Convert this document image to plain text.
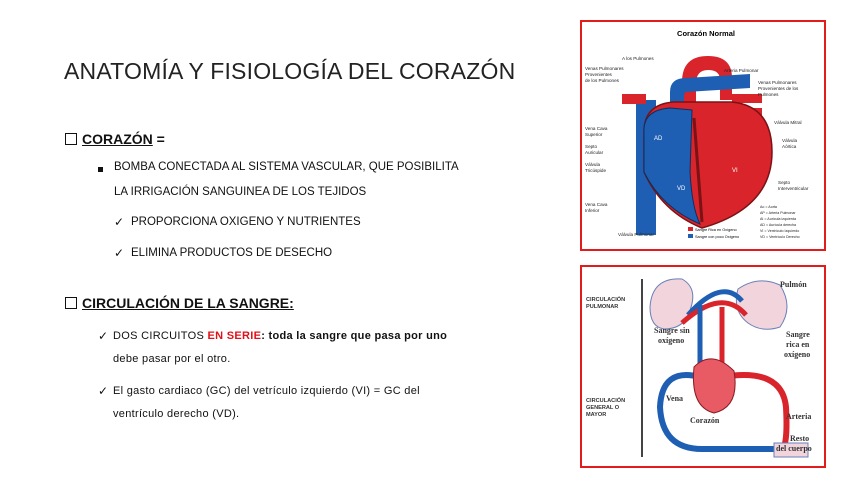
ANATOMÍA Y FISIOLOGÍA DEL CORAZÓN
CORAZÓN =
BOMBA CONECTADA AL SISTEMA VASCULAR, QUE POSIBILITA
LA IRRIGACIÓN SANGUINEA DE LOS TEJIDOS
✓ PROPORCIONA OXIGENO Y NUTRIENTES
✓ ELIMINA PRODUCTOS DE DESECHO
CIRCULACIÓN DE LA SANGRE:
✓ DOS CIRCUITOS EN SERIE: toda la sangre que pasa por uno
debe pasar por el otro.
✓ El gasto cardiaco (GC) del vetrículo izquierdo (VI) = GC del
ventrículo derecho (VD).
Corazón Normal
AD
AI
VI
VD
A los Pulmones
Venas Pulmonares
Provenientes
de los Pulmones
Arteria Pulmonar
Venas Pulmonares
Provenientes de los
Pulmones
Válvula Mitral
Válvula
Aórtica
Vena Cava
Superior
Septo
Auricular
Válvula
Tricúspide
Septo
Interventricular
Vena Cava
Inferior
Válvula Pulmonar
Sangre Rica en Oxígeno
Sangre con poco Oxígeno
Ao = Aorta
AP = Arteria Pulmonar
AI = Aurícula izquierda
AD = Aurícula derecha
VI = Ventrículo Izquierdo
VD = Ventrículo Derecho
CIRCULACIÓN
PULMONAR
CIRCULACIÓN
GENERAL O
MAYOR
Pulmón
Sangre sin
oxígeno
Sangre
rica en
oxígeno
Vena
Corazón	Arteria
Resto
del cuerpo
